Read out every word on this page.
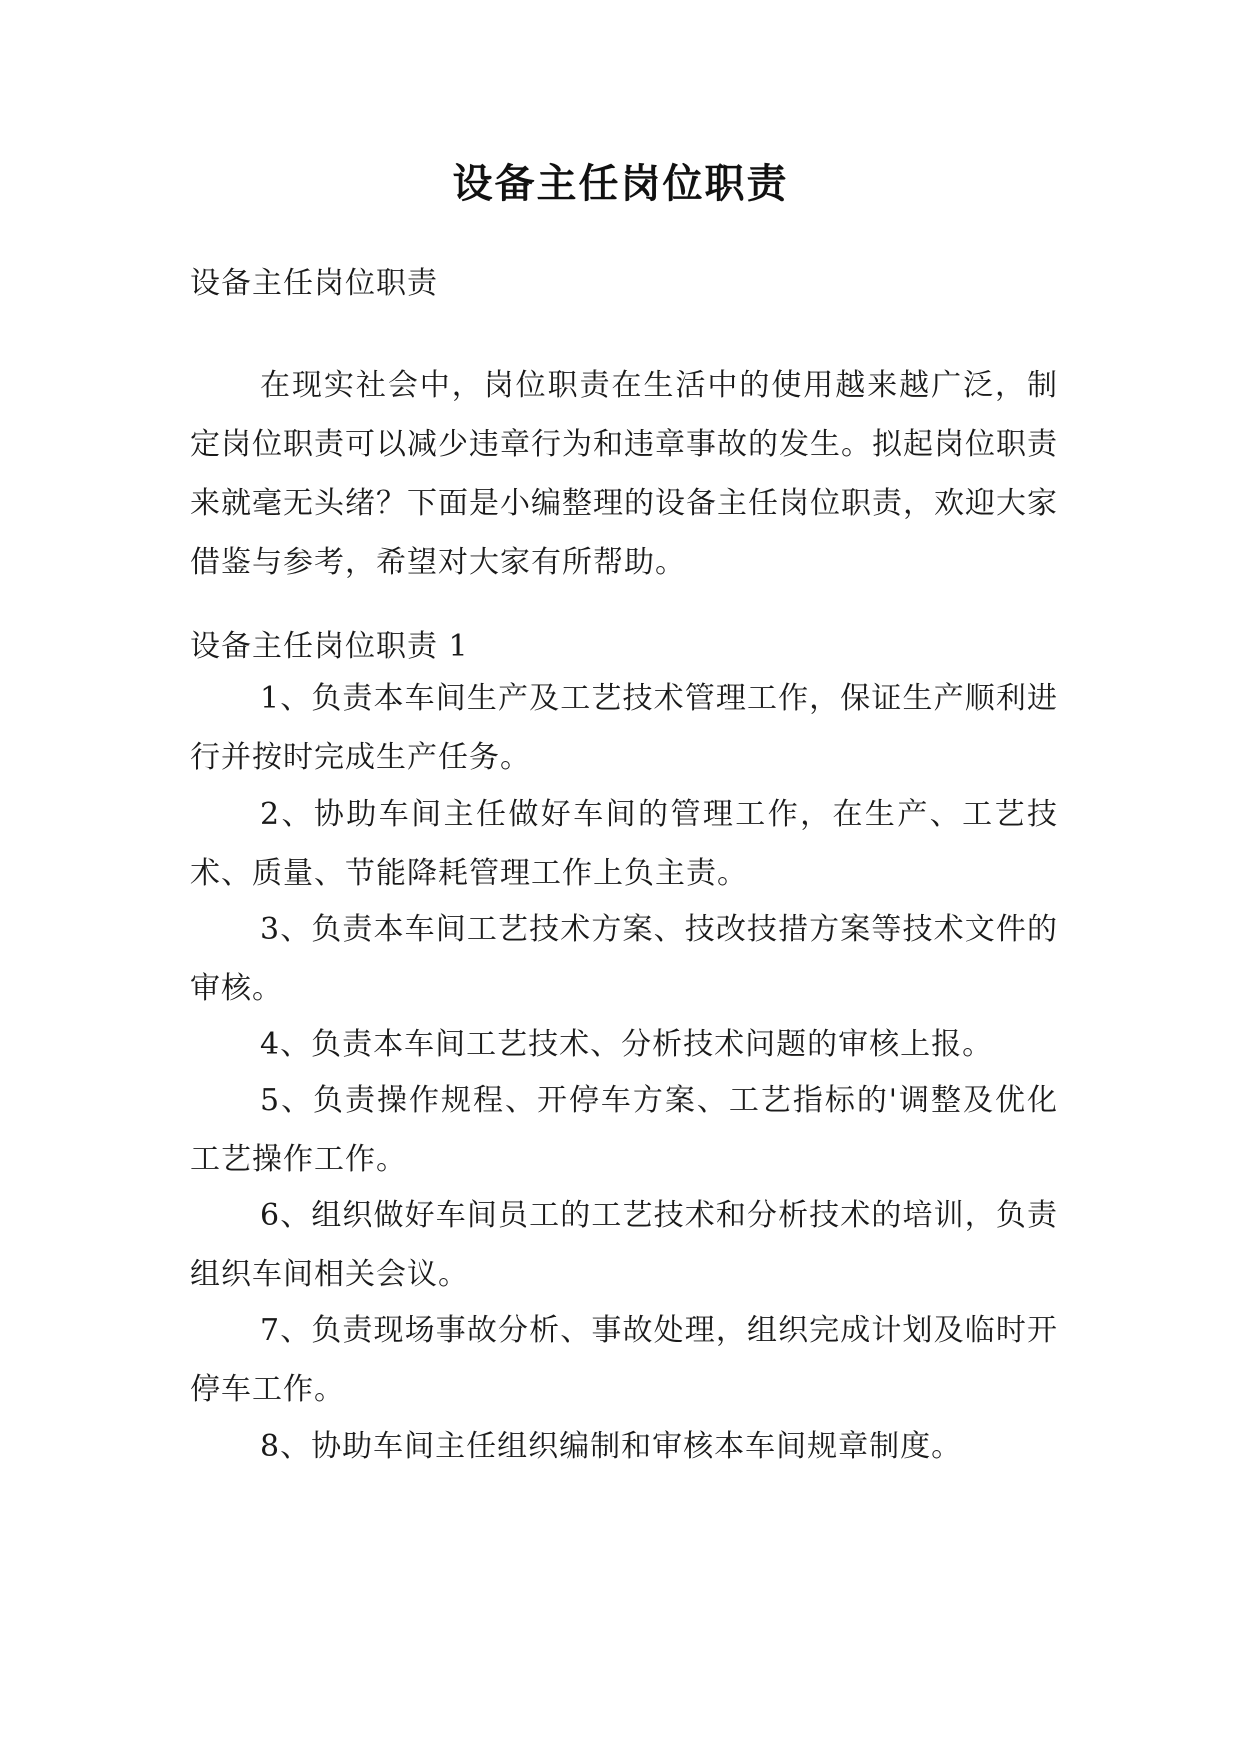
设备主任岗位职责

设备主任岗位职责

在现实社会中，岗位职责在生活中的使用越来越广泛，制定岗位职责可以减少违章行为和违章事故的发生。拟起岗位职责来就毫无头绪？下面是小编整理的设备主任岗位职责，欢迎大家借鉴与参考，希望对大家有所帮助。

设备主任岗位职责 1

1、负责本车间生产及工艺技术管理工作，保证生产顺利进行并按时完成生产任务。

2、协助车间主任做好车间的管理工作，在生产、工艺技术、质量、节能降耗管理工作上负主责。

3、负责本车间工艺技术方案、技改技措方案等技术文件的审核。

4、负责本车间工艺技术、分析技术问题的审核上报。

5、负责操作规程、开停车方案、工艺指标的'调整及优化工艺操作工作。

6、组织做好车间员工的工艺技术和分析技术的培训，负责组织车间相关会议。

7、负责现场事故分析、事故处理，组织完成计划及临时开停车工作。

8、协助车间主任组织编制和审核本车间规章制度。
